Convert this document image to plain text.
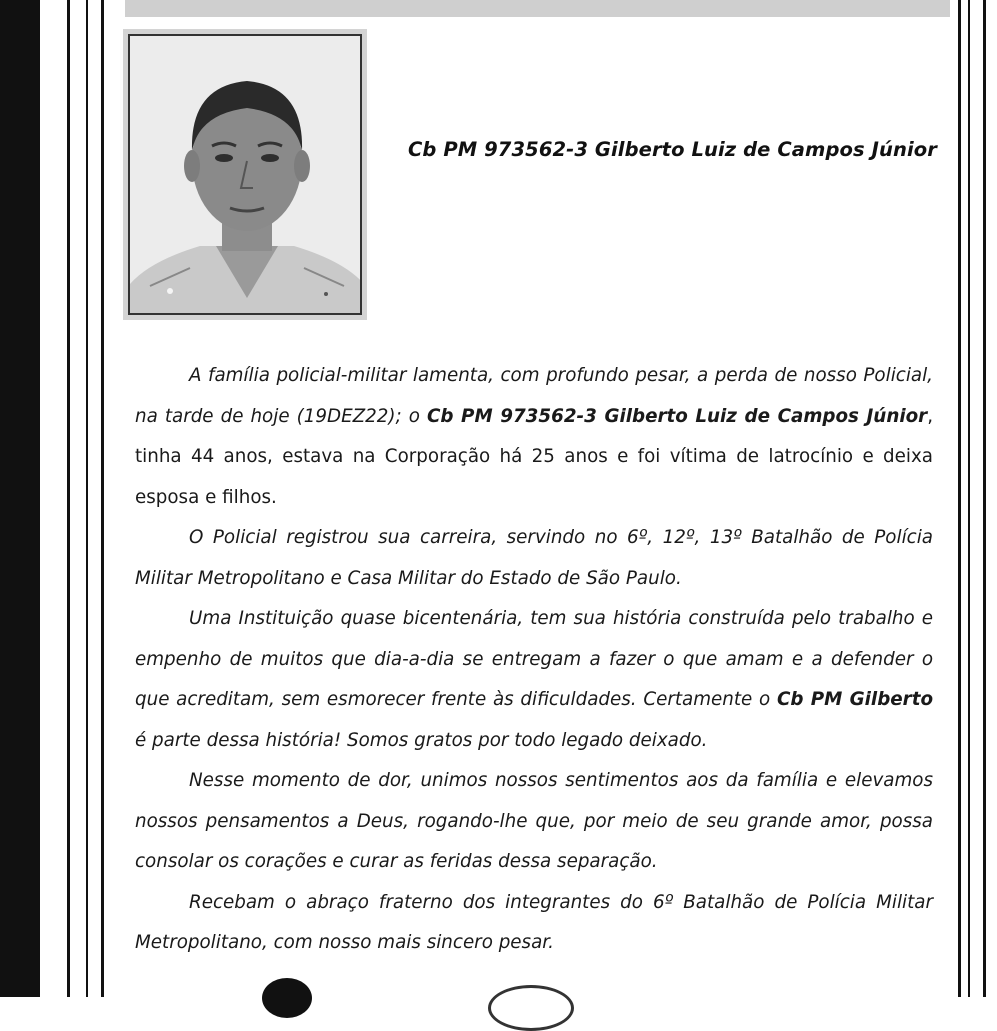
Cb PM 973562-3 Gilberto Luiz de Campos Júnior

A família policial-militar lamenta, com profundo pesar, a perda de nosso Policial, na tarde de hoje (19DEZ22); o Cb PM 973562-3 Gilberto Luiz de Campos Júnior, tinha 44 anos, estava na Corporação há 25 anos e foi vítima de latrocínio e deixa esposa e filhos.

O Policial registrou sua carreira, servindo no 6º, 12º, 13º Batalhão de Polícia Militar Metropolitano e Casa Militar do Estado de São Paulo.

Uma Instituição quase bicentenária, tem sua história construída pelo trabalho e empenho de muitos que dia-a-dia se entregam a fazer o que amam e a defender o que acreditam, sem esmorecer frente às dificuldades. Certamente o Cb PM Gilberto é parte dessa história! Somos gratos por todo legado deixado.

Nesse momento de dor, unimos nossos sentimentos aos da família e elevamos nossos pensamentos a Deus, rogando-lhe que, por meio de seu grande amor, possa consolar os corações e curar as feridas dessa separação.

Recebam o abraço fraterno dos integrantes do 6º Batalhão de Polícia Militar Metropolitano, com nosso mais sincero pesar.
